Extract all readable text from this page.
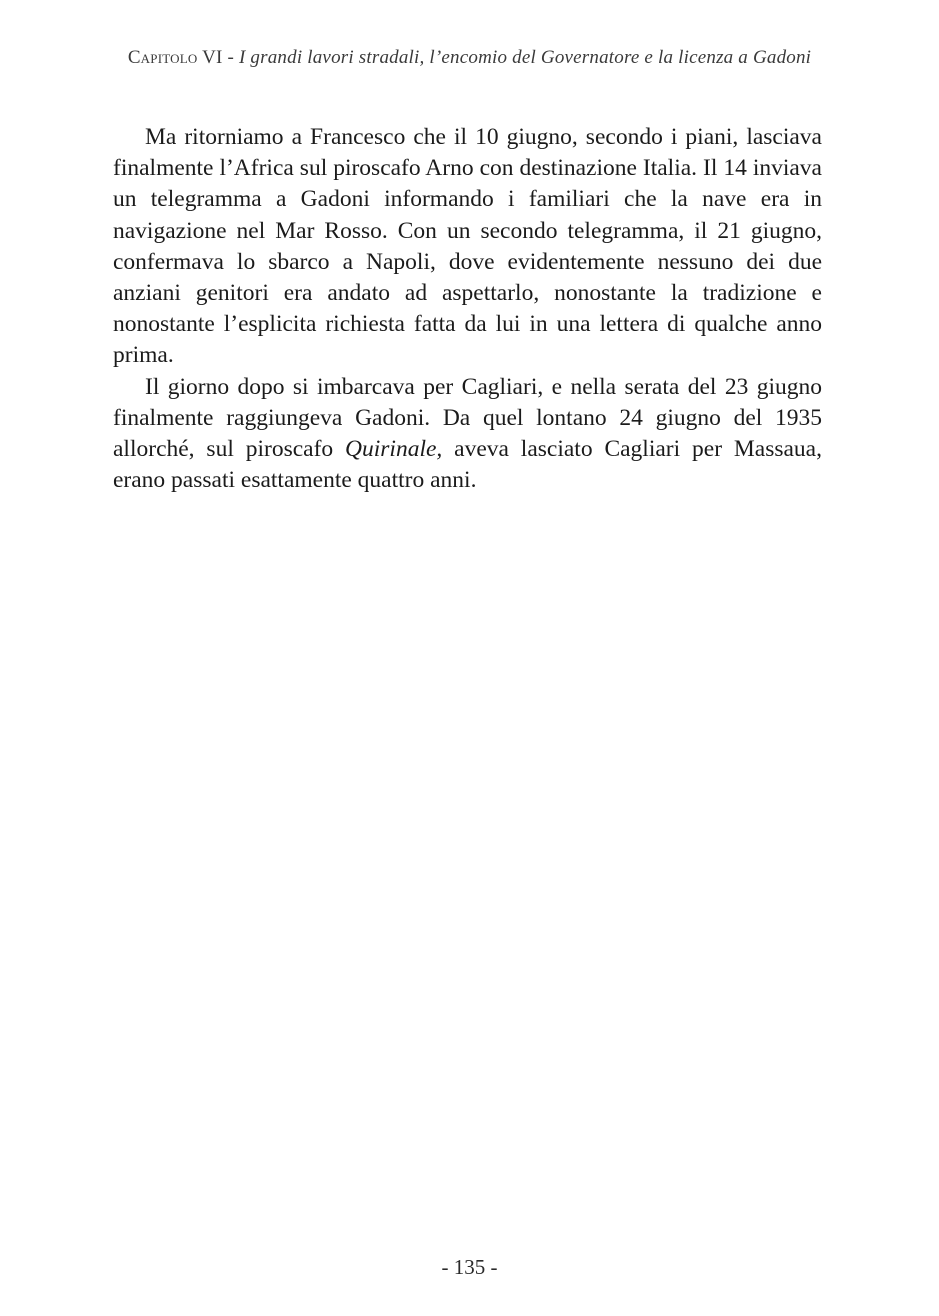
Capitolo VI - I grandi lavori stradali, l’encomio del Governatore e la licenza a Gadoni

Ma ritorniamo a Francesco che il 10 giugno, secondo i piani, lasciava finalmente l’Africa sul piroscafo Arno con destinazione Italia. Il 14 inviava un telegramma a Gadoni informando i familiari che la nave era in navigazione nel Mar Rosso. Con un secondo telegramma, il 21 giugno, confermava lo sbarco a Napoli, dove evidentemente nessuno dei due anziani genitori era andato ad aspettarlo, nonostante la tradizione e nonostante l’esplicita richiesta fatta da lui in una lettera di qualche anno prima.

Il giorno dopo si imbarcava per Cagliari, e nella serata del 23 giugno finalmente raggiungeva Gadoni. Da quel lontano 24 giugno del 1935 allorché, sul piroscafo Quirinale, aveva lasciato Cagliari per Massaua, erano passati esattamente quattro anni.

- 135 -
